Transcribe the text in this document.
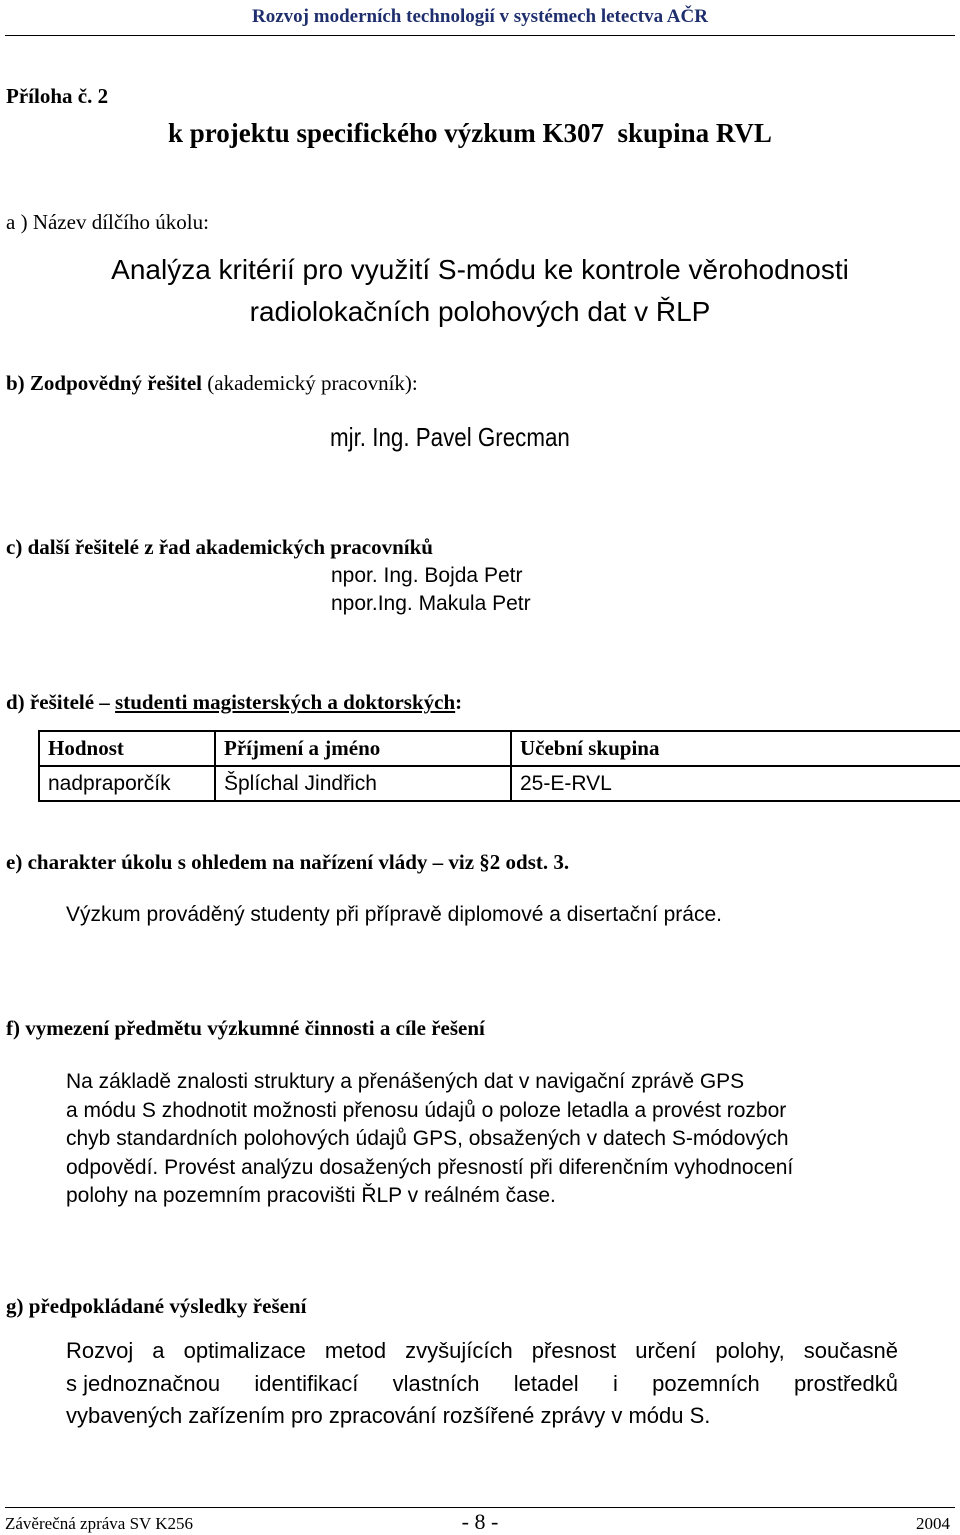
Rozvoj moderních technologií v systémech letectva AČR
Příloha č. 2
k projektu specifického výzkum K307  skupina RVL
a ) Název dílčího úkolu:
Analýza kritérií pro využití S-módu ke kontrole věrohodnosti
radiolokačních polohových dat v ŘLP
b) Zodpovědný řešitel (akademický pracovník):
mjr. Ing. Pavel Grecman
c) další řešitelé z řad akademických pracovníků
npor. Ing. Bojda Petr
npor.Ing. Makula Petr
d) řešitelé – studenti magisterských a doktorských:
Hodnost	Příjmení a jméno	Učební skupina
nadpraporčík	Šplíchal Jindřich	25-E-RVL
e) charakter úkolu s ohledem na nařízení vlády – viz §2 odst. 3.
Výzkum prováděný studenty při přípravě diplomové a disertační práce.
f) vymezení předmětu výzkumné činnosti a cíle řešení
Na základě znalosti struktury a přenášených dat v navigační zprávě GPS
a módu S zhodnotit možnosti přenosu údajů o poloze letadla a provést rozbor
chyb standardních polohových údajů GPS, obsažených v datech S-módových
odpovědí. Provést analýzu dosažených přesností při diferenčním vyhodnocení
polohy na pozemním pracovišti ŘLP v reálném čase.
g) předpokládané výsledky řešení
Rozvoj a optimalizace metod zvyšujících přesnost určení polohy, současně
s jednoznačnou identifikací vlastních letadel i pozemních prostředků
vybavených zařízením pro zpracování rozšířené zprávy v módu S.
Závěrečná zpráva SV K256	- 8 -	2004
